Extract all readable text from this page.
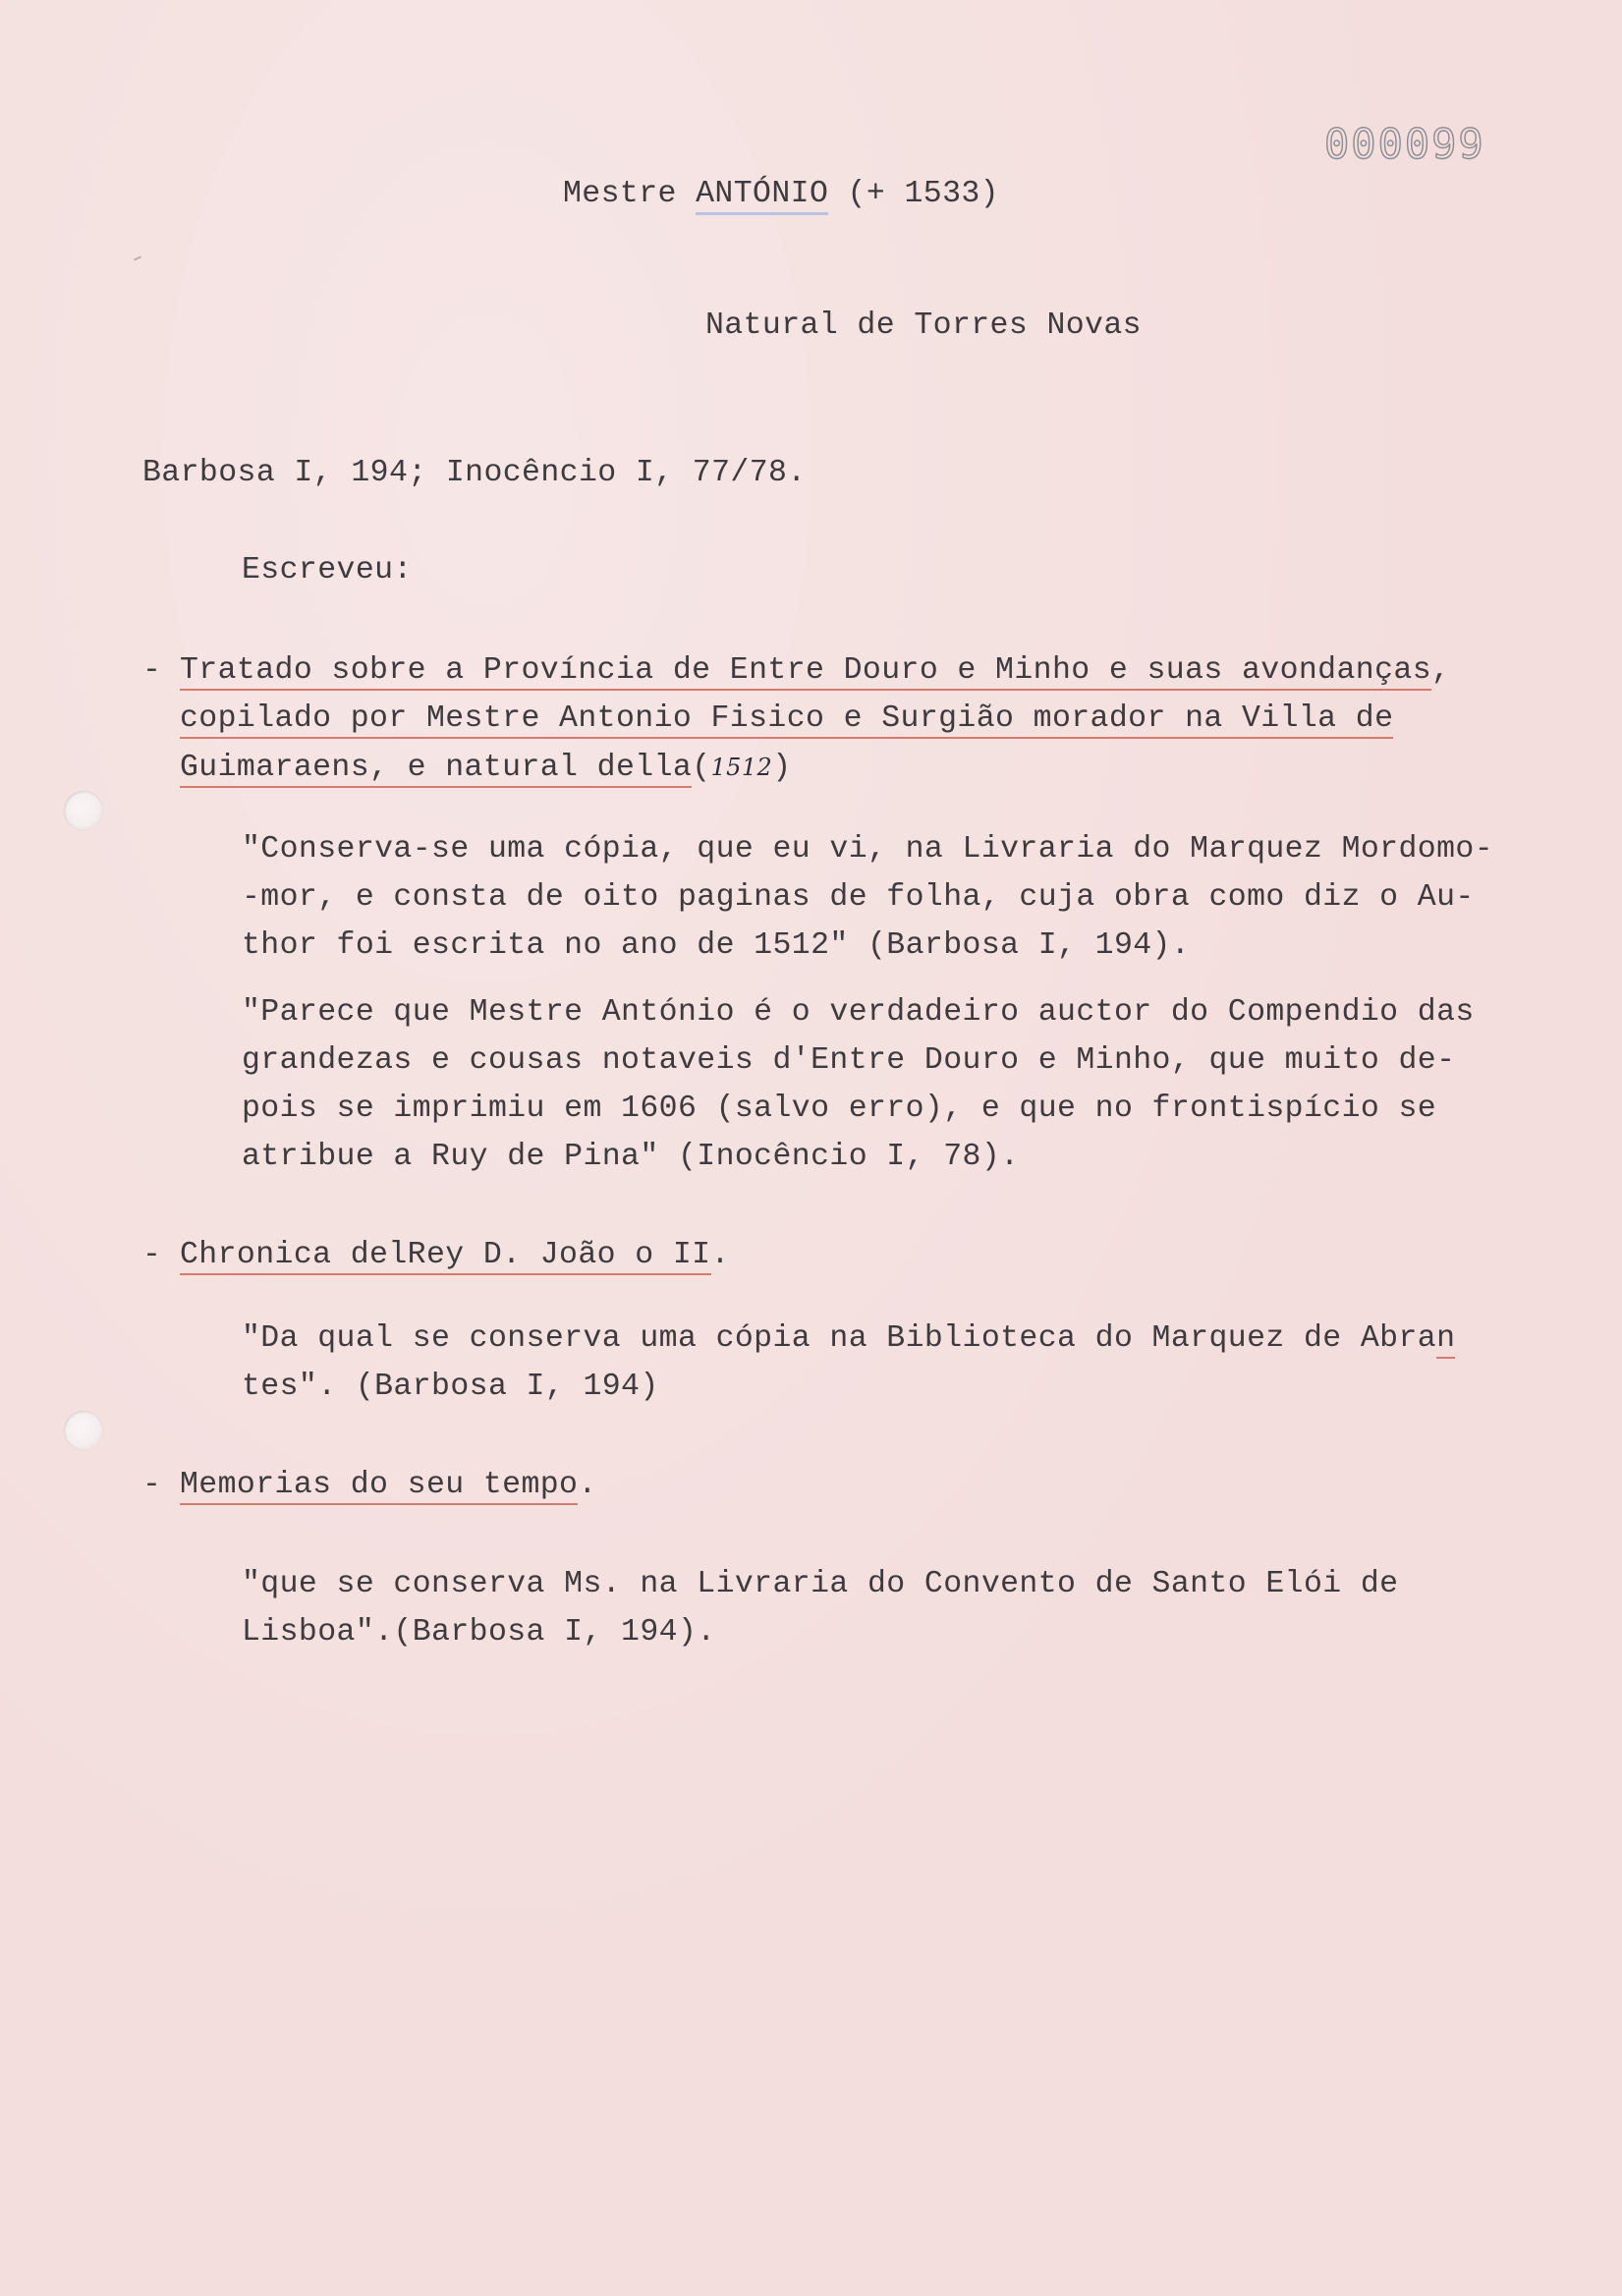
000099
Mestre ANTÓNIO (+ 1533)
Natural de Torres Novas
Barbosa I, 194; Inocêncio I, 77/78.
Escreveu:
- Tratado sobre a Província de Entre Douro e Minho e suas avondanças,
copilado por Mestre Antonio Fisico e Surgião morador na Villa de
Guimaraens, e natural della(1512)
"Conserva-se uma cópia, que eu vi, na Livraria do Marquez Mordomo-
-mor, e consta de oito paginas de folha, cuja obra como diz o Au-
thor foi escrita no ano de 1512" (Barbosa I, 194).
"Parece que Mestre António é o verdadeiro auctor do Compendio das
grandezas e cousas notaveis d'Entre Douro e Minho, que muito de-
pois se imprimiu em 1606 (salvo erro), e que no frontispício se
atribue a Ruy de Pina" (Inocêncio I, 78).
- Chronica delRey D. João o II.
"Da qual se conserva uma cópia na Biblioteca do Marquez de Abran
tes". (Barbosa I, 194)
- Memorias do seu tempo.
"que se conserva Ms. na Livraria do Convento de Santo Elói de
Lisboa".(Barbosa I, 194).
